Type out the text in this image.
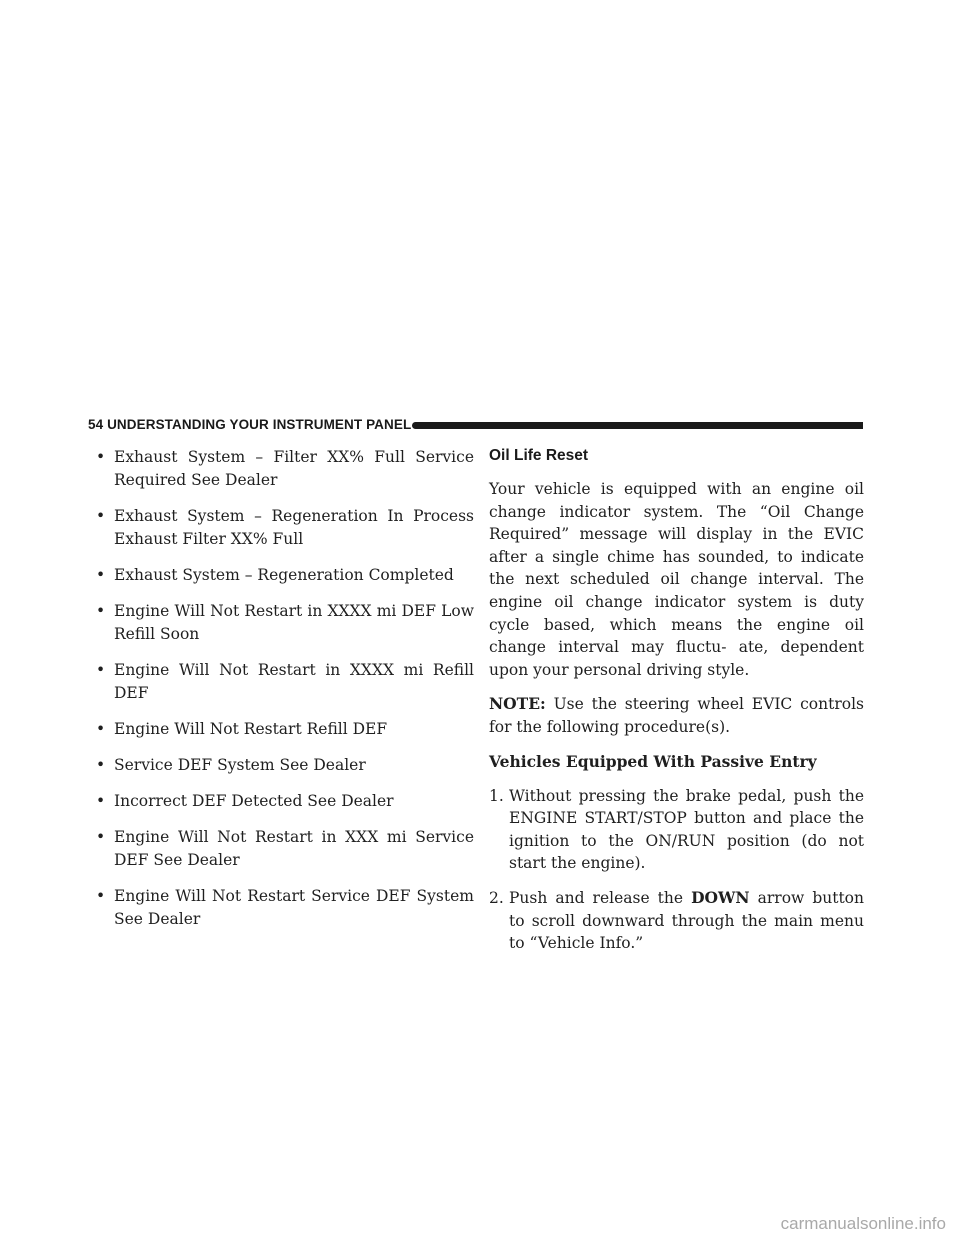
54 UNDERSTANDING YOUR INSTRUMENT PANEL
• Exhaust System – Filter XX% Full Service Required See Dealer
• Exhaust System – Regeneration In Process Exhaust Filter XX% Full
• Exhaust System – Regeneration Completed
• Engine Will Not Restart in XXXX mi DEF Low Refill Soon
• Engine Will Not Restart in XXXX mi Refill DEF
• Engine Will Not Restart Refill DEF
• Service DEF System See Dealer
• Incorrect DEF Detected See Dealer
• Engine Will Not Restart in XXX mi Service DEF See Dealer
• Engine Will Not Restart Service DEF System See Dealer
Oil Life Reset

Your vehicle is equipped with an engine oil change indicator system. The “Oil Change Required” message will display in the EVIC after a single chime has sounded, to indicate the next scheduled oil change interval. The engine oil change indicator system is duty cycle based, which means the engine oil change interval may fluctu- ate, dependent upon your personal driving style.

NOTE: Use the steering wheel EVIC controls for the following procedure(s).

Vehicles Equipped With Passive Entry

1. Without pressing the brake pedal, push the ENGINE START/STOP button and place the ignition to the ON/RUN position (do not start the engine).
2. Push and release the DOWN arrow button to scroll downward through the main menu to “Vehicle Info.”
carmanualsonline.info
